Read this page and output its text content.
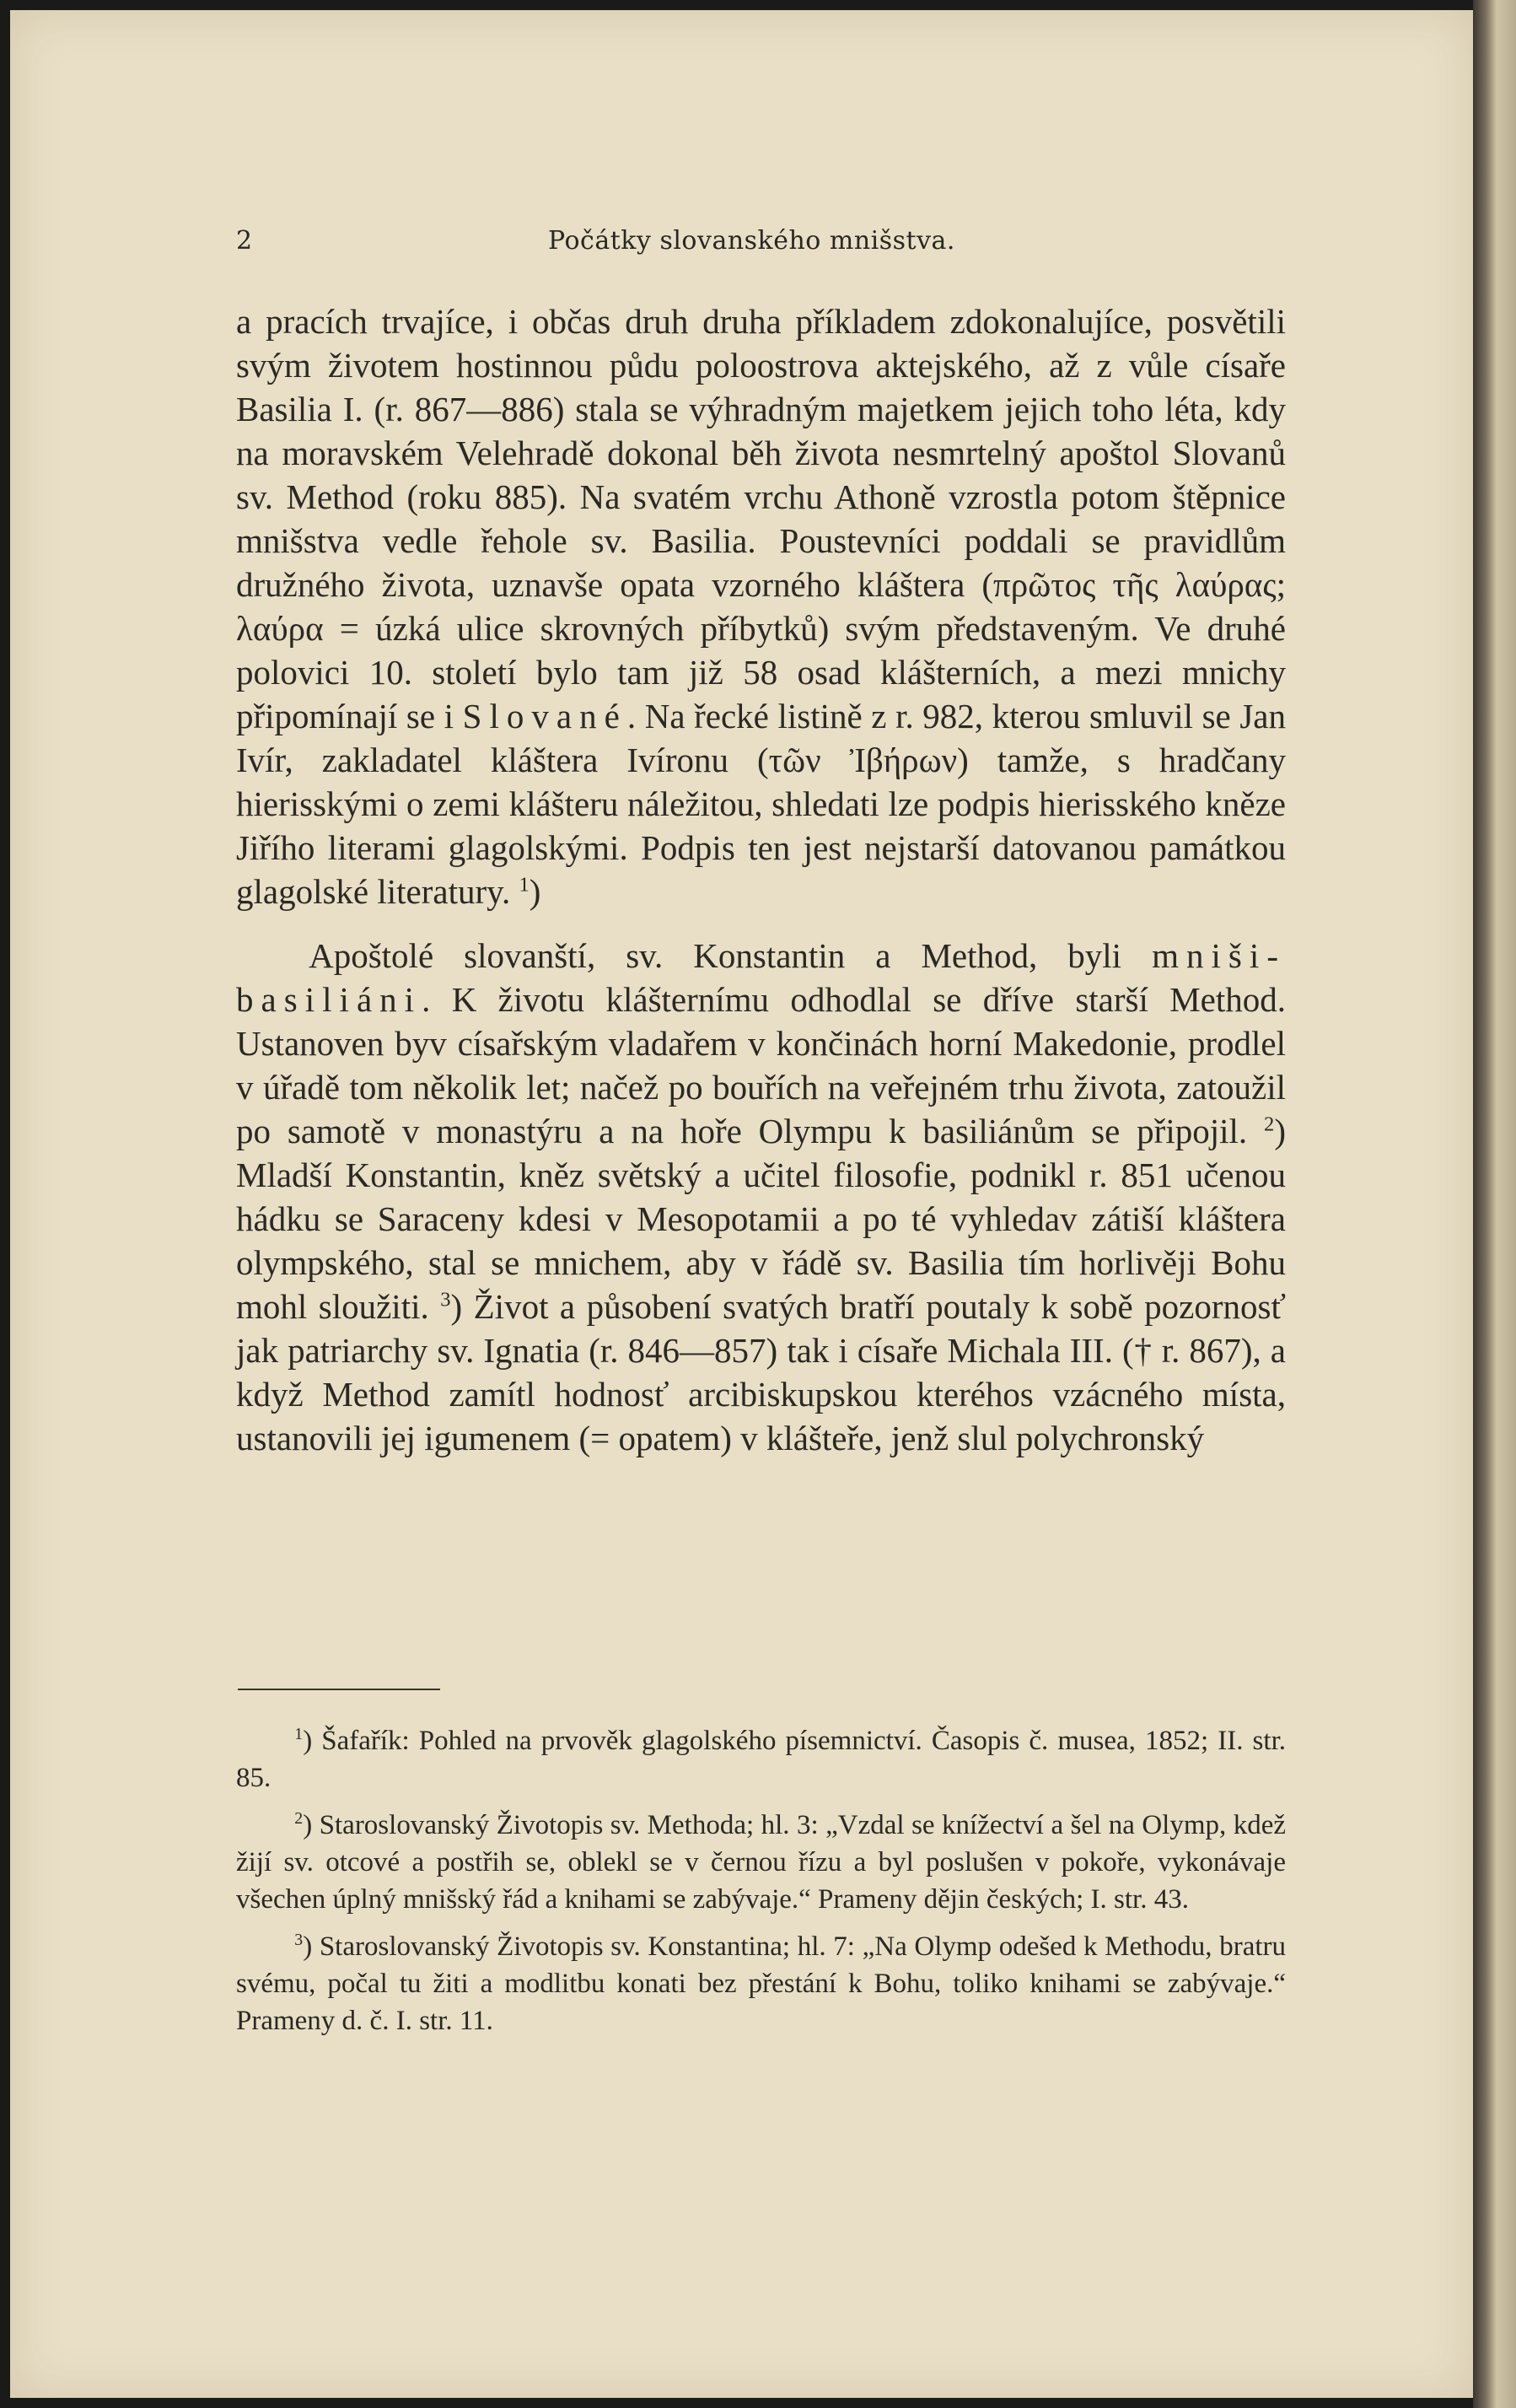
2	Počátky slovanského mnišstva.

a pracích trvajíce, i občas druh druha příkladem zdokonalujíce, posvětili svým životem hostinnou půdu poloostrova aktejského, až z vůle císaře Basilia I. (r. 867—886) stala se výhradným majetkem jejich toho léta, kdy na moravském Velehradě dokonal běh života nesmrtelný apoštol Slovanů sv. Method (roku 885). Na svatém vrchu Athoně vzrostla potom štěpnice mnišstva vedle řehole sv. Basilia. Poustevníci poddali se pravidlům družného života, uznavše opata vzorného kláštera (πρῶτος τῆς λαύρας; λαύρα = úzká ulice skrovných příbytků) svým představeným. Ve druhé polovici 10. století bylo tam již 58 osad klášterních, a mezi mnichy připomínají se i Slované. Na řecké listině z r. 982, kterou smluvil se Jan Ivír, zakladatel kláštera Ivíronu (τῶν Ἰβήρων) tamže, s hradčany hierisskými o zemi klášteru náležitou, shledati lze podpis hierisského kněze Jiřího literami glagolskými. Podpis ten jest nejstarší datovanou památkou glagolské literatury. $^1$)

Apoštolé slovanští, sv. Konstantin a Method, byli mniši-basiliáni. K životu klášternímu odhodlal se dříve starší Method. Ustanoven byv císařským vladařem v končinách horní Makedonie, prodlel v úřadě tom několik let; načež po bouřích na veřejném trhu života, zatoužil po samotě v monastýru a na hoře Olympu k basiliánům se připojil. $^2$) Mladší Konstantin, kněz světský a učitel filosofie, podnikl r. 851 učenou hádku se Saraceny kdesi v Mesopotamii a po té vyhledav zátiší kláštera olympského, stal se mnichem, aby v řádě sv. Basilia tím horlivěji Bohu mohl sloužiti. $^3$) Život a působení svatých bratří poutaly k sobě pozornosť jak patriarchy sv. Ignatia (r. 846—857) tak i císaře Michala III. († r. 867), a když Method zamítl hodnosť arcibiskupskou kteréhos vzácného místa, ustanovili jej igumenem (= opatem) v klášteře, jenž slul polychronský

$^1$) Šafařík: Pohled na prvověk glagolského písemnictví. Časopis č. musea, 1852; II. str. 85.

$^2$) Staroslovanský Životopis sv. Methoda; hl. 3: „Vzdal se knížectví a šel na Olymp, kdež žijí sv. otcové a postřih se, oblekl se v černou řízu a byl poslušen v pokoře, vykonávaje všechen úplný mnišský řád a knihami se zabývaje.“ Prameny dějin českých; I. str. 43.

$^3$) Staroslovanský Životopis sv. Konstantina; hl. 7: „Na Olymp odešed k Methodu, bratru svému, počal tu žiti a modlitbu konati bez přestání k Bohu, toliko knihami se zabývaje.“ Prameny d. č. I. str. 11.
